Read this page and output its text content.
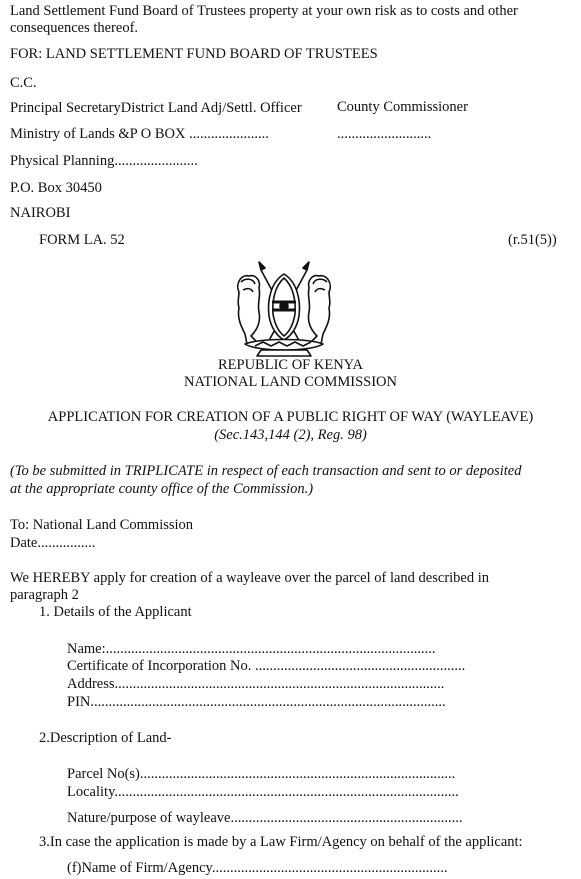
Land Settlement Fund Board of Trustees property at your own risk as to costs and other
consequences thereof.
FOR: LAND SETTLEMENT FUND BOARD OF TRUSTEES
C.C.
Principal SecretaryDistrict Land Adj/Settl. Officer County Commissioner
Ministry of Lands &P O BOX ......................	..........................
Physical Planning.......................
P.O. Box 30450
NAIROBI
FORM LA. 52	(r.51(5))
REPUBLIC OF KENYA
NATIONAL LAND COMMISSION
APPLICATION FOR CREATION OF A PUBLIC RIGHT OF WAY (WAYLEAVE)
(Sec.143,144 (2), Reg. 98)
(To be submitted in TRIPLICATE in respect of each transaction and sent to or deposited
at the appropriate county office of the Commission.)
To: National Land Commission
Date................
We HEREBY apply for creation of a wayleave over the parcel of land described in
paragraph 2
1. Details of the Applicant
Name:...........................................................................................
Certificate of Incorporation No. ..........................................................
Address...........................................................................................
PIN..................................................................................................
2.Description of Land-
Parcel No(s).......................................................................................
Locality...............................................................................................
Nature/purpose of wayleave................................................................
3.In case the application is made by a Law Firm/Agency on behalf of the applicant:
(f)Name of Firm/Agency.................................................................
